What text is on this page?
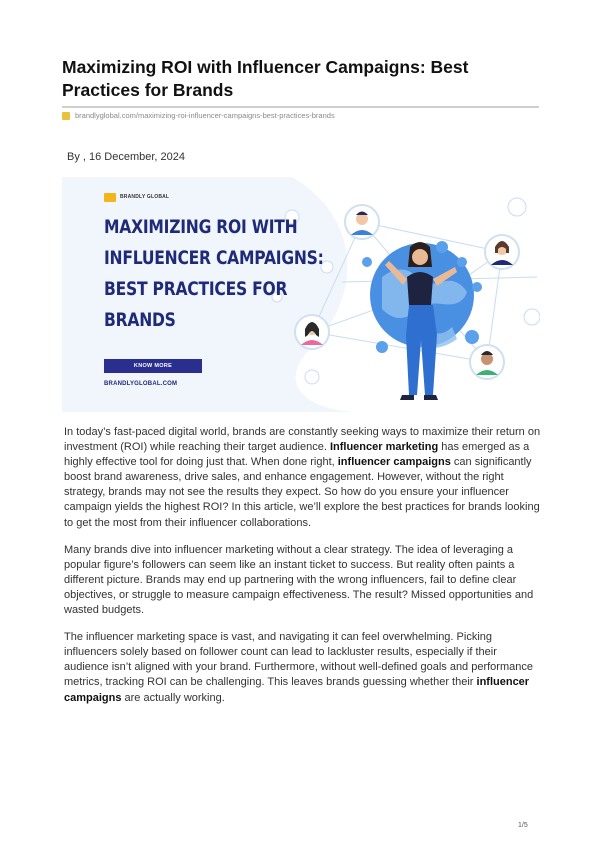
Maximizing ROI with Influencer Campaigns: Best Practices for Brands
brandlyglobal.com/maximizing-roi-influencer-campaigns-best-practices-brands
By , 16 December, 2024
BRANDLY GLOBAL
MAXIMIZING ROI WITH
INFLUENCER CAMPAIGNS:
BEST PRACTICES FOR
BRANDS
KNOW MORE
BRANDLYGLOBAL.COM

In today’s fast-paced digital world, brands are constantly seeking ways to maximize their return on investment (ROI) while reaching their target audience. Influencer marketing has emerged as a highly effective tool for doing just that. When done right, influencer campaigns can significantly boost brand awareness, drive sales, and enhance engagement. However, without the right strategy, brands may not see the results they expect. So how do you ensure your influencer campaign yields the highest ROI? In this article, we’ll explore the best practices for brands looking to get the most from their influencer collaborations.

Many brands dive into influencer marketing without a clear strategy. The idea of leveraging a popular figure’s followers can seem like an instant ticket to success. But reality often paints a different picture. Brands may end up partnering with the wrong influencers, fail to define clear objectives, or struggle to measure campaign effectiveness. The result? Missed opportunities and wasted budgets.

The influencer marketing space is vast, and navigating it can feel overwhelming. Picking influencers solely based on follower count can lead to lackluster results, especially if their audience isn’t aligned with your brand. Furthermore, without well-defined goals and performance metrics, tracking ROI can be challenging. This leaves brands guessing whether their influencer campaigns are actually working.

1/5
